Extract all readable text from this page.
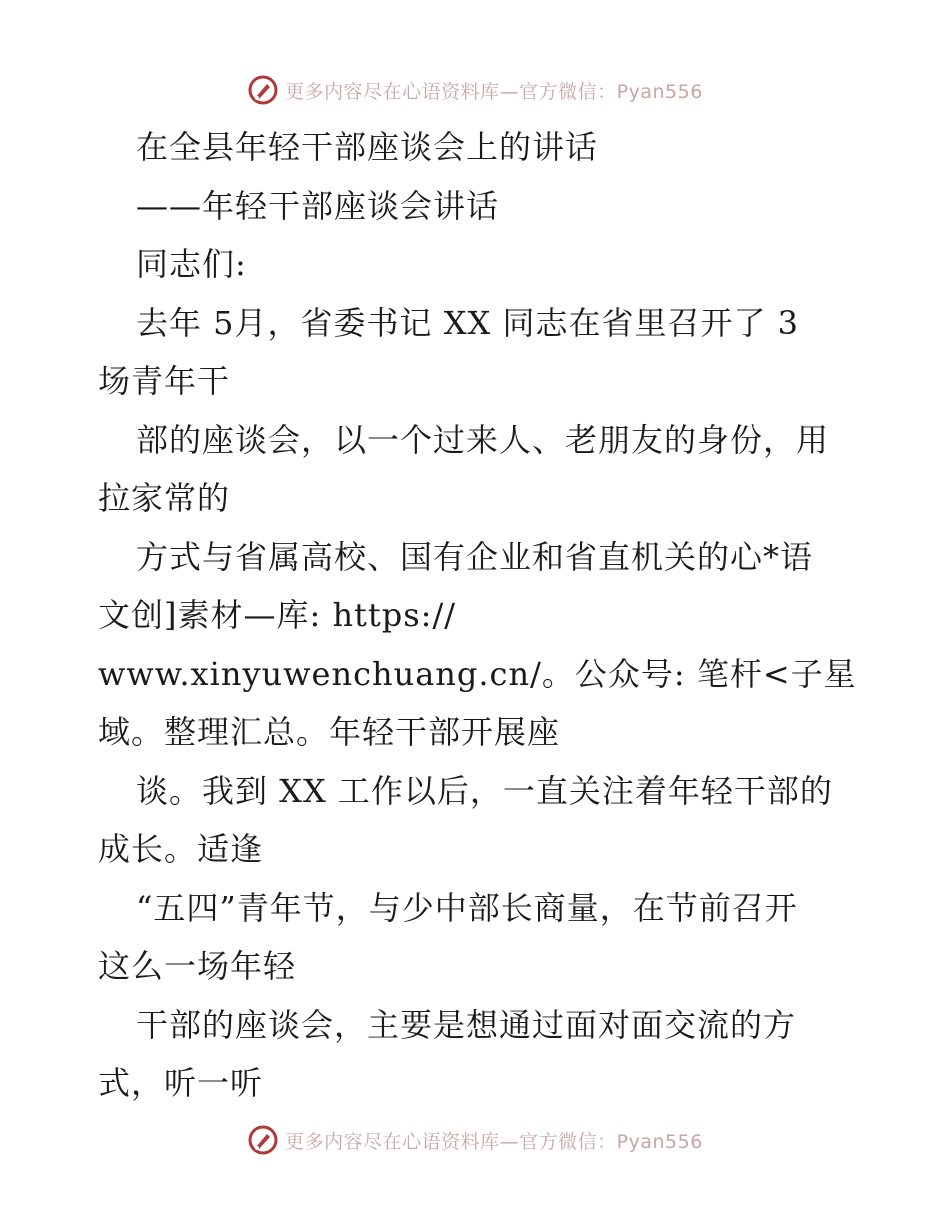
更多内容尽在心语资料库—官方微信：Pyan556
在全县年轻干部座谈会上的讲话
——年轻干部座谈会讲话
同志们:
去年 5月，省委书记 XX 同志在省里召开了 3
场青年干
部的座谈会，以一个过来人、老朋友的身份，用
拉家常的
方式与省属高校、国有企业和省直机关的心*语
文创]素材—库: https://
www.xinyuwenchuang.cn/。公众号: 笔杆<子星
域。整理汇总。年轻干部开展座
谈。我到 XX 工作以后，一直关注着年轻干部的
成长。适逢
“五四”青年节，与少中部长商量，在节前召开
这么一场年轻
干部的座谈会，主要是想通过面对面交流的方
式，听一听
更多内容尽在心语资料库—官方微信：Pyan556
